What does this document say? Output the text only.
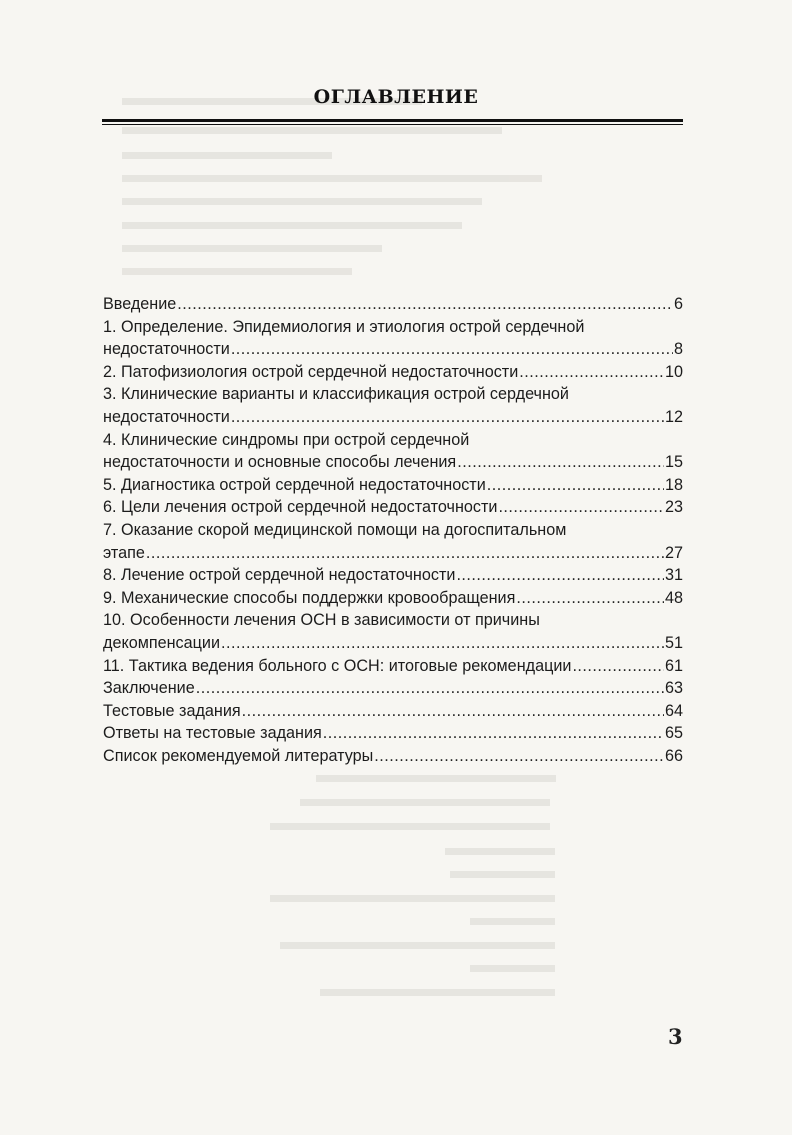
ОГЛАВЛЕНИЕ
Введение .....	6
1. Определение. Эпидемиология и этиология острой сердечной
недостаточности .....	8
2. Патофизиология острой сердечной недостаточности .....	10
3. Клинические варианты и классификация острой сердечной
недостаточности .....	12
4. Клинические синдромы при острой сердечной
недостаточности и основные способы лечения .....	15
5. Диагностика острой сердечной недостаточности .....	18
6. Цели лечения острой сердечной недостаточности .....	23
7. Оказание скорой медицинской помощи на догоспитальном
этапе .....	27
8. Лечение острой сердечной недостаточности .....	31
9. Механические способы поддержки кровообращения .....	48
10. Особенности лечения ОСН в зависимости от причины
декомпенсации .....	51
11. Тактика ведения больного с ОСН: итоговые рекомендации .....	61
Заключение .....	63
Тестовые задания .....	64
Ответы на тестовые задания .....	65
Список рекомендуемой литературы .....	66
3
